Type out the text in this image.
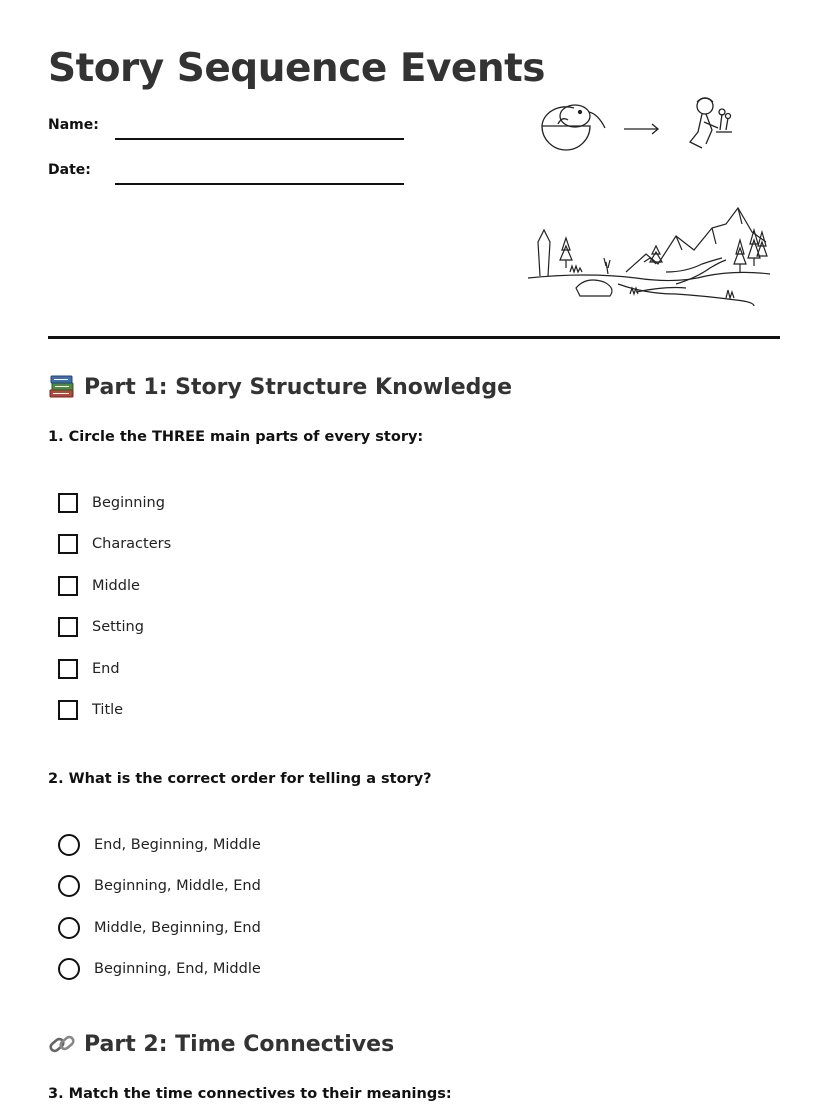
Story Sequence Events
Name:
Date:
Part 1: Story Structure Knowledge
1. Circle the THREE main parts of every story:
Beginning
Characters
Middle
Setting
End
Title
2. What is the correct order for telling a story?
End, Beginning, Middle
Beginning, Middle, End
Middle, Beginning, End
Beginning, End, Middle
Part 2: Time Connectives
3. Match the time connectives to their meanings:
